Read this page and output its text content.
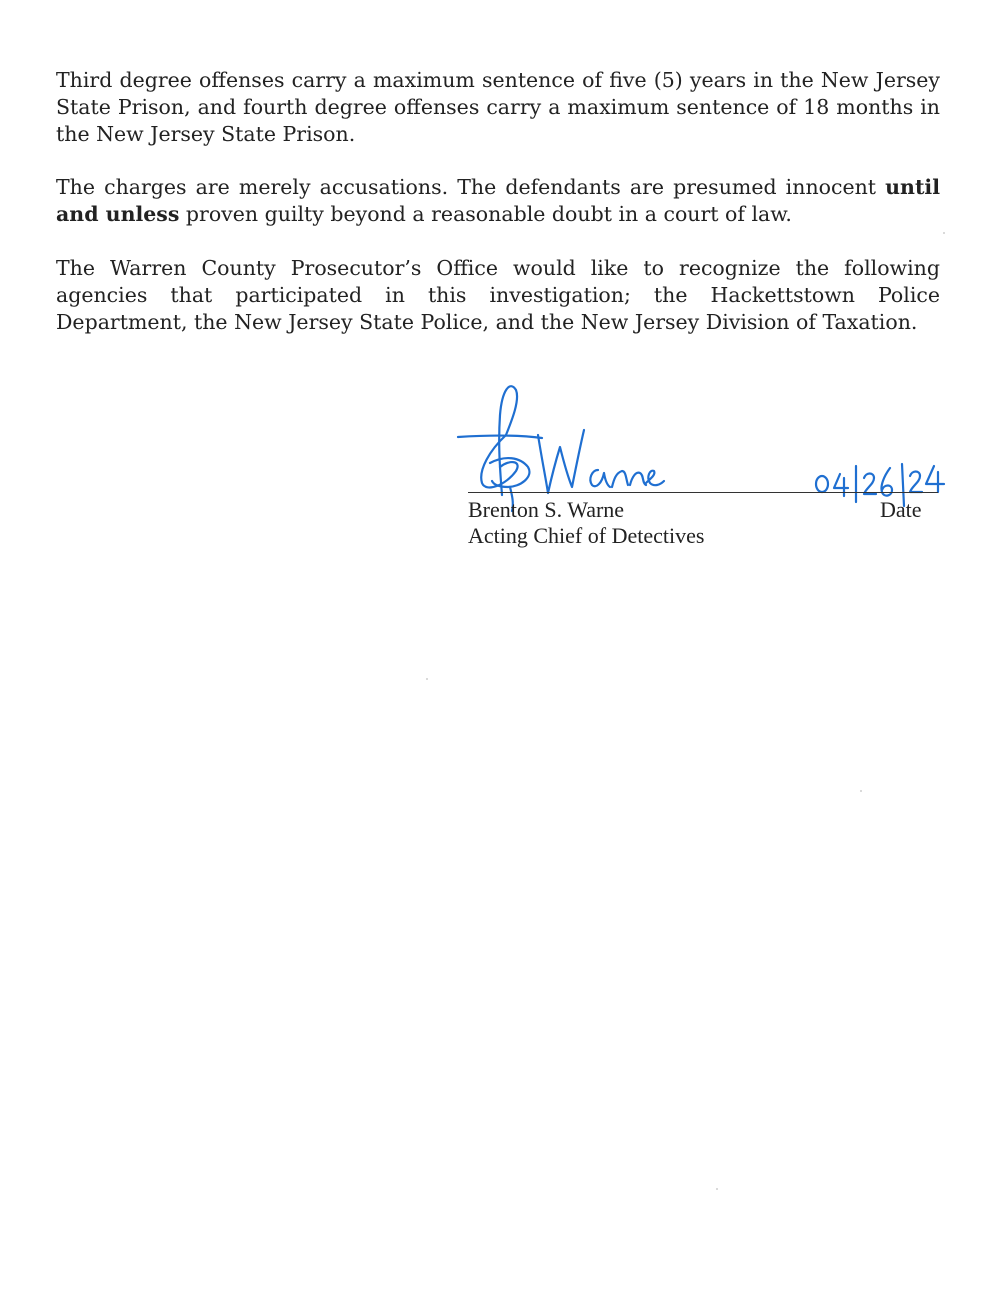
Third degree offenses carry a maximum sentence of five (5) years in the New Jersey State Prison, and fourth degree offenses carry a maximum sentence of 18 months in the New Jersey State Prison.

The charges are merely accusations. The defendants are presumed innocent until and unless proven guilty beyond a reasonable doubt in a court of law.

The Warren County Prosecutor’s Office would like to recognize the following agencies that participated in this investigation; the Hackettstown Police Department, the New Jersey State Police, and the New Jersey Division of Taxation.

Brenton S. Warne

Acting Chief of Detectives

Date
